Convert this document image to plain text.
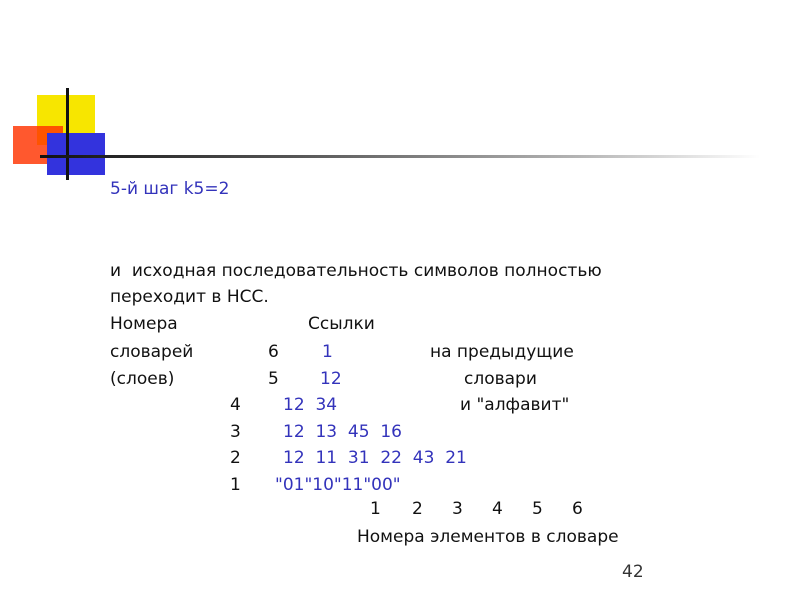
5-й шаг k5=2
и  исходная последовательность символов полностью
переходит в НСС.
Номера	Ссылки
словарей	6	1	на предыдущие
(слоев)	5 12	словари
4 12  34	и "алфавит"
3 12  13  45  16
2 12  11  31  22  43  21
1 "01"10"11"00"
1 2 3 4 5 6
Номера элементов в словаре
42
